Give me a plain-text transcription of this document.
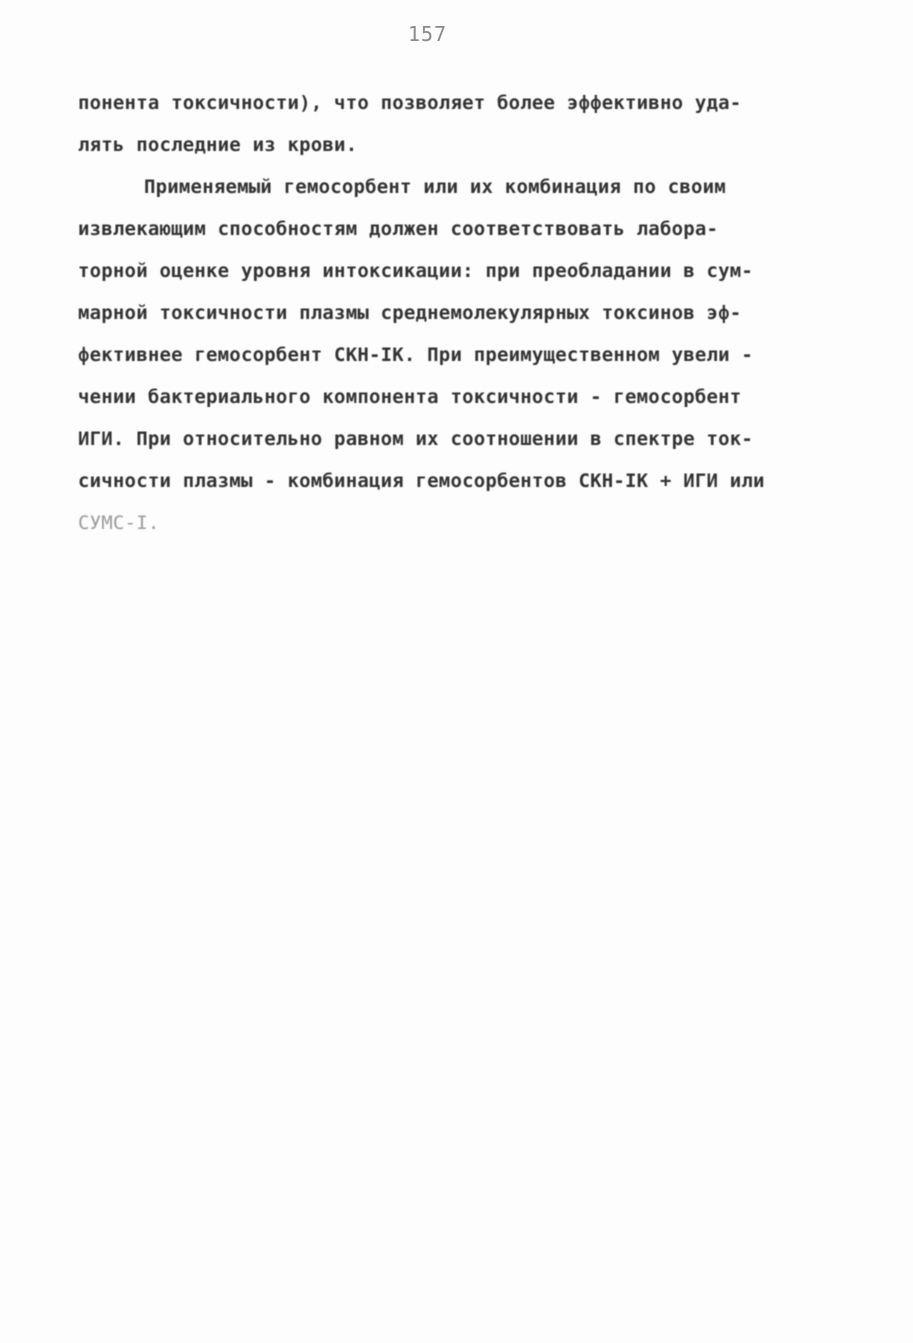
157
понента токсичности), что позволяет более эффективно уда-
лять последние из крови.
Применяемый гемосорбент или их комбинация по своим
извлекающим способностям должен соответствовать лабора-
торной оценке уровня интоксикации: при преобладании в сум-
марной токсичности плазмы среднемолекулярных токсинов эф-
фективнее гемосорбент СКН-IК. При преимущественном увели -
чении бактериального компонента токсичности - гемосорбент
ИГИ. При относительно равном их соотношении в спектре ток-
сичности плазмы - комбинация гемосорбентов СКН-IК + ИГИ или
СУМС-I.
